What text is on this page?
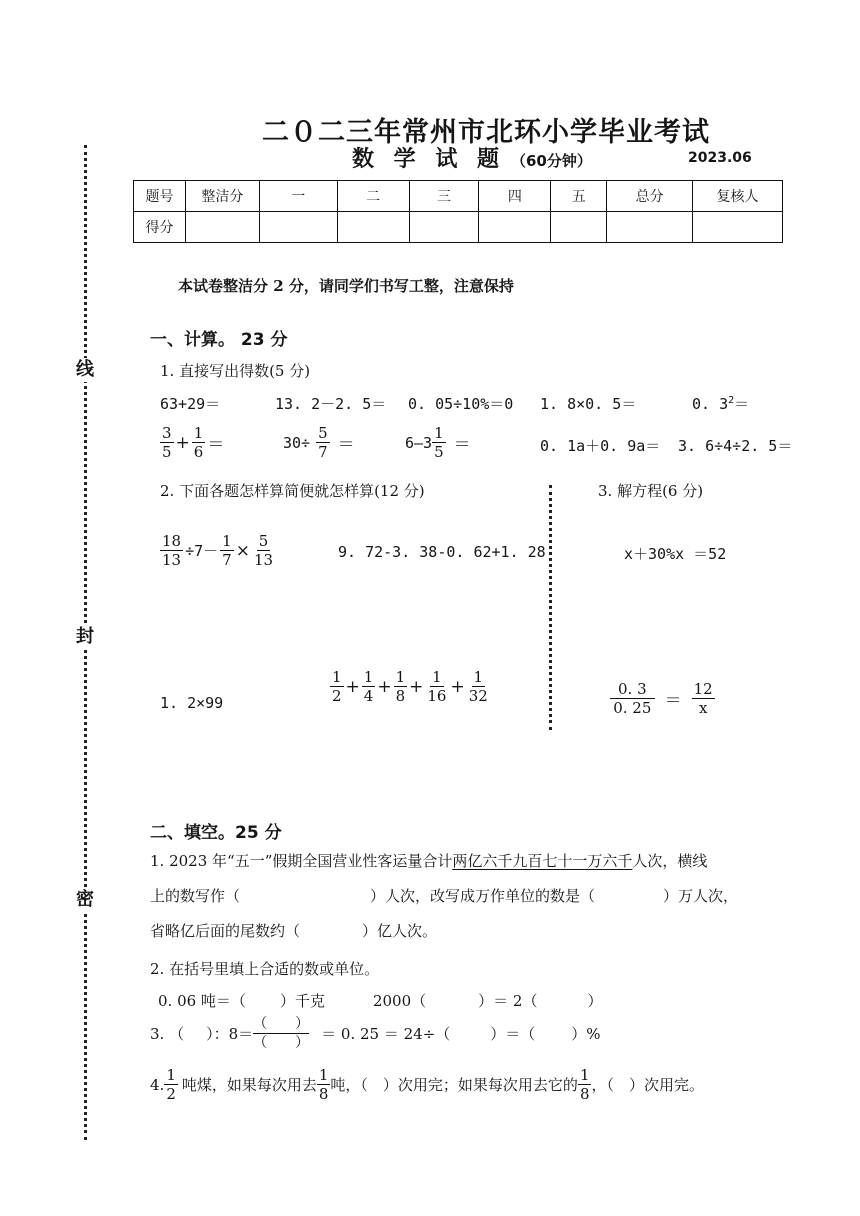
线
封
密
二０二三年常州市北环小学毕业考试
数 学 试 题 （60分钟）	2023.06
题号	整洁分	一	二	三	四	五	总分	复核人
得分								
本试卷整洁分 2 分，请同学们书写工整，注意保持
一、计算。 23 分
1. 直接写出得数(5 分)
63+29＝	13. 2－2. 5＝ 0. 05÷10%＝0 1. 8×0. 5＝	0. $3^2=$
$\frac{3}{5} + \frac{1}{6}$ ＝	$30\div \frac{5}{7}$ ＝	6—3 $\frac{1}{5}$ ＝	0. 1a＋0. 9a＝ 3. 6÷4÷2. 5＝
2. 下面各题怎样算简便就怎样算(12 分)	3. 解方程(6 分)
$\frac{18}{13} \div 7- \frac{1}{7} \times \frac{5}{13}$	9. 72-3. 38-0. 62+1. 28
1. 2×99	$\frac{1}{2} + \frac{1}{4} + \frac{1}{8} + \frac{1}{16} + \frac{1}{32}$
x＋30%x ＝52
$\frac{0. 3}{0. 25} = \frac{12}{x}$
二、填空。25 分
1. 2023 年“五一”假期全国营业性客运量合计两亿六千九百七十一万六千人次，横线
上的数写作（	）人次，改写成万作单位的数是（	）万人次，
省略亿后面的尾数约（	）亿人次。
2. 在括号里填上合适的数或单位。
0. 06 吨＝（ ）千克	2000（	）＝ 2（	）
3. （ ）：8＝
（　　）
（　　） ＝ 0. 25 ＝ 24÷（	）＝（ ）%
4. $\frac{1}{2}$ 吨煤，如果每次用去 $\frac{1}{8}$ 吨，（　）次用完；如果每次用去它的 $\frac{1}{8}$ ，（　）次用完。
